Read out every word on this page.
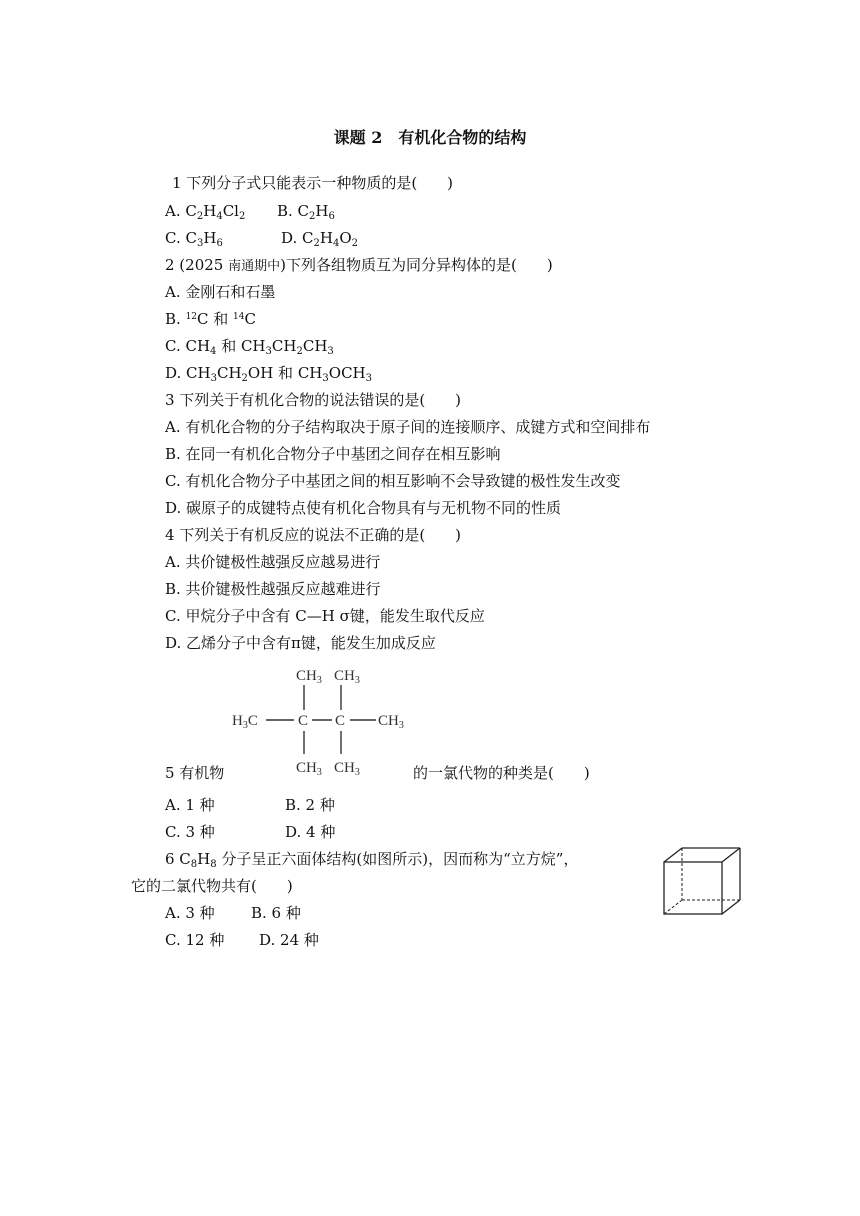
课题 2　有机化合物的结构
1 下列分子式只能表示一种物质的是(　　)
A. $C_2H_4Cl_2$ B. $C_2H_6$
C. $C_3H_6$	D. $C_2H_4O_2$
2 (2025 南通期中)下列各组物质互为同分异构体的是(　　)
A. 金刚石和石墨
B. $^{12}$C 和 $^{14}$C
C. $CH_4$ 和 $CH_3CH_2CH_3$
D. $CH_3CH_2OH$ 和 $CH_3OCH_3$
3 下列关于有机化合物的说法错误的是(　　)
A. 有机化合物的分子结构取决于原子间的连接顺序、成键方式和空间排布
B. 在同一有机化合物分子中基团之间存在相互影响
C. 有机化合物分子中基团之间的相互影响不会导致键的极性发生改变
D. 碳原子的成键特点使有机化合物具有与无机物不同的性质
4 下列关于有机反应的说法不正确的是(　　)
A. 共价键极性越强反应越易进行
B. 共价键极性越强反应越难进行
C. 甲烷分子中含有 C—H σ键，能发生取代反应
D. 乙烯分子中含有π键，能发生加成反应
$CH_3$ $CH_3$
$H_3C$	C C $CH_3$
$CH_3$ $CH_3$
5 有机物	的一氯代物的种类是(　　)
A. 1 种	B. 2 种
C. 3 种	D. 4 种
6 $C_8H_8$ 分子呈正六面体结构(如图所示)，因而称为“立方烷”，
它的二氯代物共有(　　)
A. 3 种 B. 6 种
C. 12 种 D. 24 种
